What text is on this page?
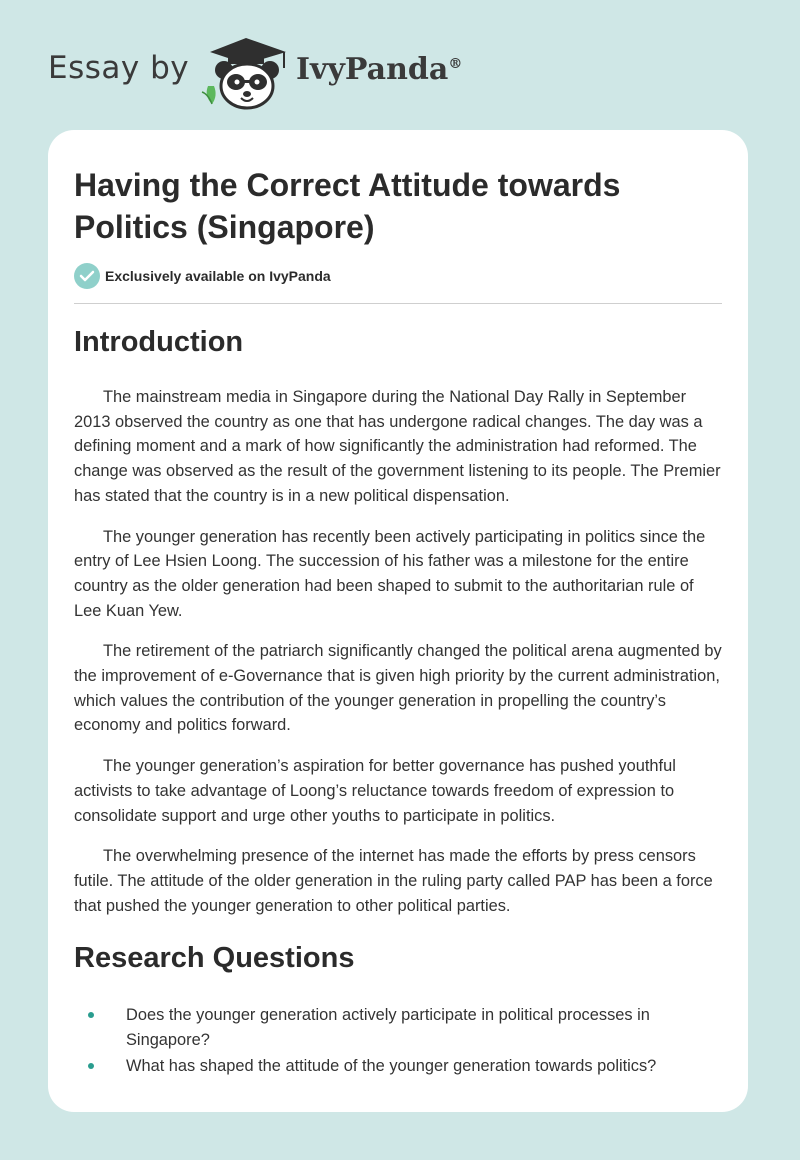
Essay by	IvyPanda®
Having the Correct Attitude towards Politics (Singapore)
Exclusively available on IvyPanda
Introduction

The mainstream media in Singapore during the National Day Rally in September 2013 observed the country as one that has undergone radical changes. The day was a defining moment and a mark of how significantly the administration had reformed. The change was observed as the result of the government listening to its people. The Premier has stated that the country is in a new political dispensation.

The younger generation has recently been actively participating in politics since the entry of Lee Hsien Loong. The succession of his father was a milestone for the entire country as the older generation had been shaped to submit to the authoritarian rule of Lee Kuan Yew.

The retirement of the patriarch significantly changed the political arena augmented by the improvement of e-Governance that is given high priority by the current administration, which values the contribution of the younger generation in propelling the country’s economy and politics forward.

The younger generation’s aspiration for better governance has pushed youthful activists to take advantage of Loong’s reluctance towards freedom of expression to consolidate support and urge other youths to participate in politics.

The overwhelming presence of the internet has made the efforts by press censors futile. The attitude of the older generation in the ruling party called PAP has been a force that pushed the younger generation to other political parties.

Research Questions
Does the younger generation actively participate in political processes in Singapore?
What has shaped the attitude of the younger generation towards politics?
